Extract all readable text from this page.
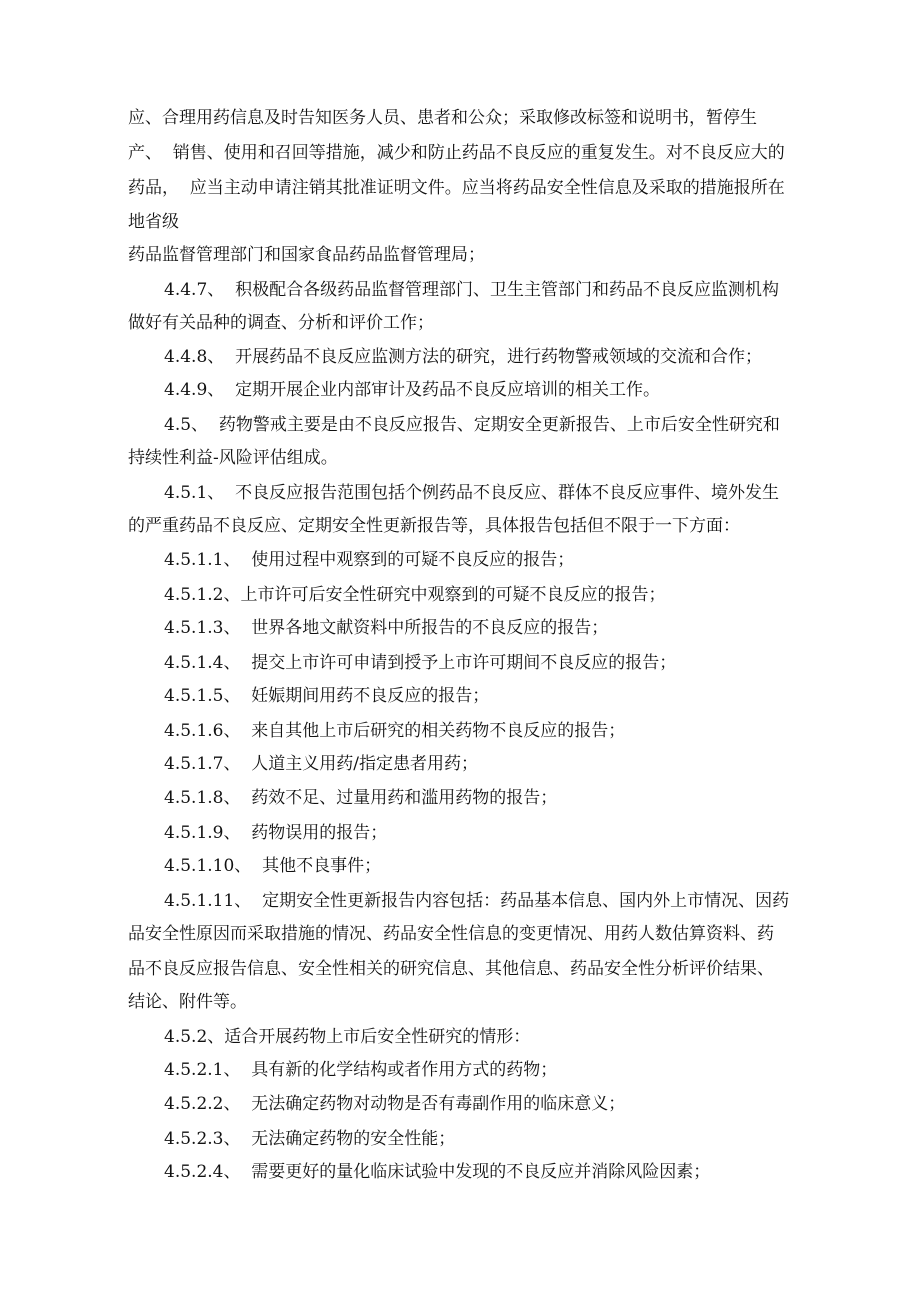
应、合理用药信息及时告知医务人员、患者和公众；采取修改标签和说明书，暂停生
产、  销售、使用和召回等措施，减少和防止药品不良反应的重复发生。对不良反应大的
药品，  应当主动申请注销其批准证明文件。应当将药品安全性信息及采取的措施报所在
地省级
药品监督管理部门和国家食品药品监督管理局；
4.4.7、  积极配合各级药品监督管理部门、卫生主管部门和药品不良反应监测机构
做好有关品种的调查、分析和评价工作；
4.4.8、  开展药品不良反应监测方法的研究，进行药物警戒领域的交流和合作；
4.4.9、  定期开展企业内部审计及药品不良反应培训的相关工作。
4.5、  药物警戒主要是由不良反应报告、定期安全更新报告、上市后安全性研究和
持续性利益-风险评估组成。
4.5.1、  不良反应报告范围包括个例药品不良反应、群体不良反应事件、境外发生
的严重药品不良反应、定期安全性更新报告等，具体报告包括但不限于一下方面：
4.5.1.1、  使用过程中观察到的可疑不良反应的报告；
4.5.1.2、上市许可后安全性研究中观察到的可疑不良反应的报告；
4.5.1.3、  世界各地文献资料中所报告的不良反应的报告；
4.5.1.4、  提交上市许可申请到授予上市许可期间不良反应的报告；
4.5.1.5、  妊娠期间用药不良反应的报告；
4.5.1.6、  来自其他上市后研究的相关药物不良反应的报告；
4.5.1.7、  人道主义用药/指定患者用药；
4.5.1.8、  药效不足、过量用药和滥用药物的报告；
4.5.1.9、  药物误用的报告；
4.5.1.10、  其他不良事件；
4.5.1.11、  定期安全性更新报告内容包括：药品基本信息、国内外上市情况、因药
品安全性原因而采取措施的情况、药品安全性信息的变更情况、用药人数估算资料、药
品不良反应报告信息、安全性相关的研究信息、其他信息、药品安全性分析评价结果、
结论、附件等。
4.5.2、适合开展药物上市后安全性研究的情形：
4.5.2.1、  具有新的化学结构或者作用方式的药物；
4.5.2.2、  无法确定药物对动物是否有毒副作用的临床意义；
4.5.2.3、  无法确定药物的安全性能；
4.5.2.4、  需要更好的量化临床试验中发现的不良反应并消除风险因素；
